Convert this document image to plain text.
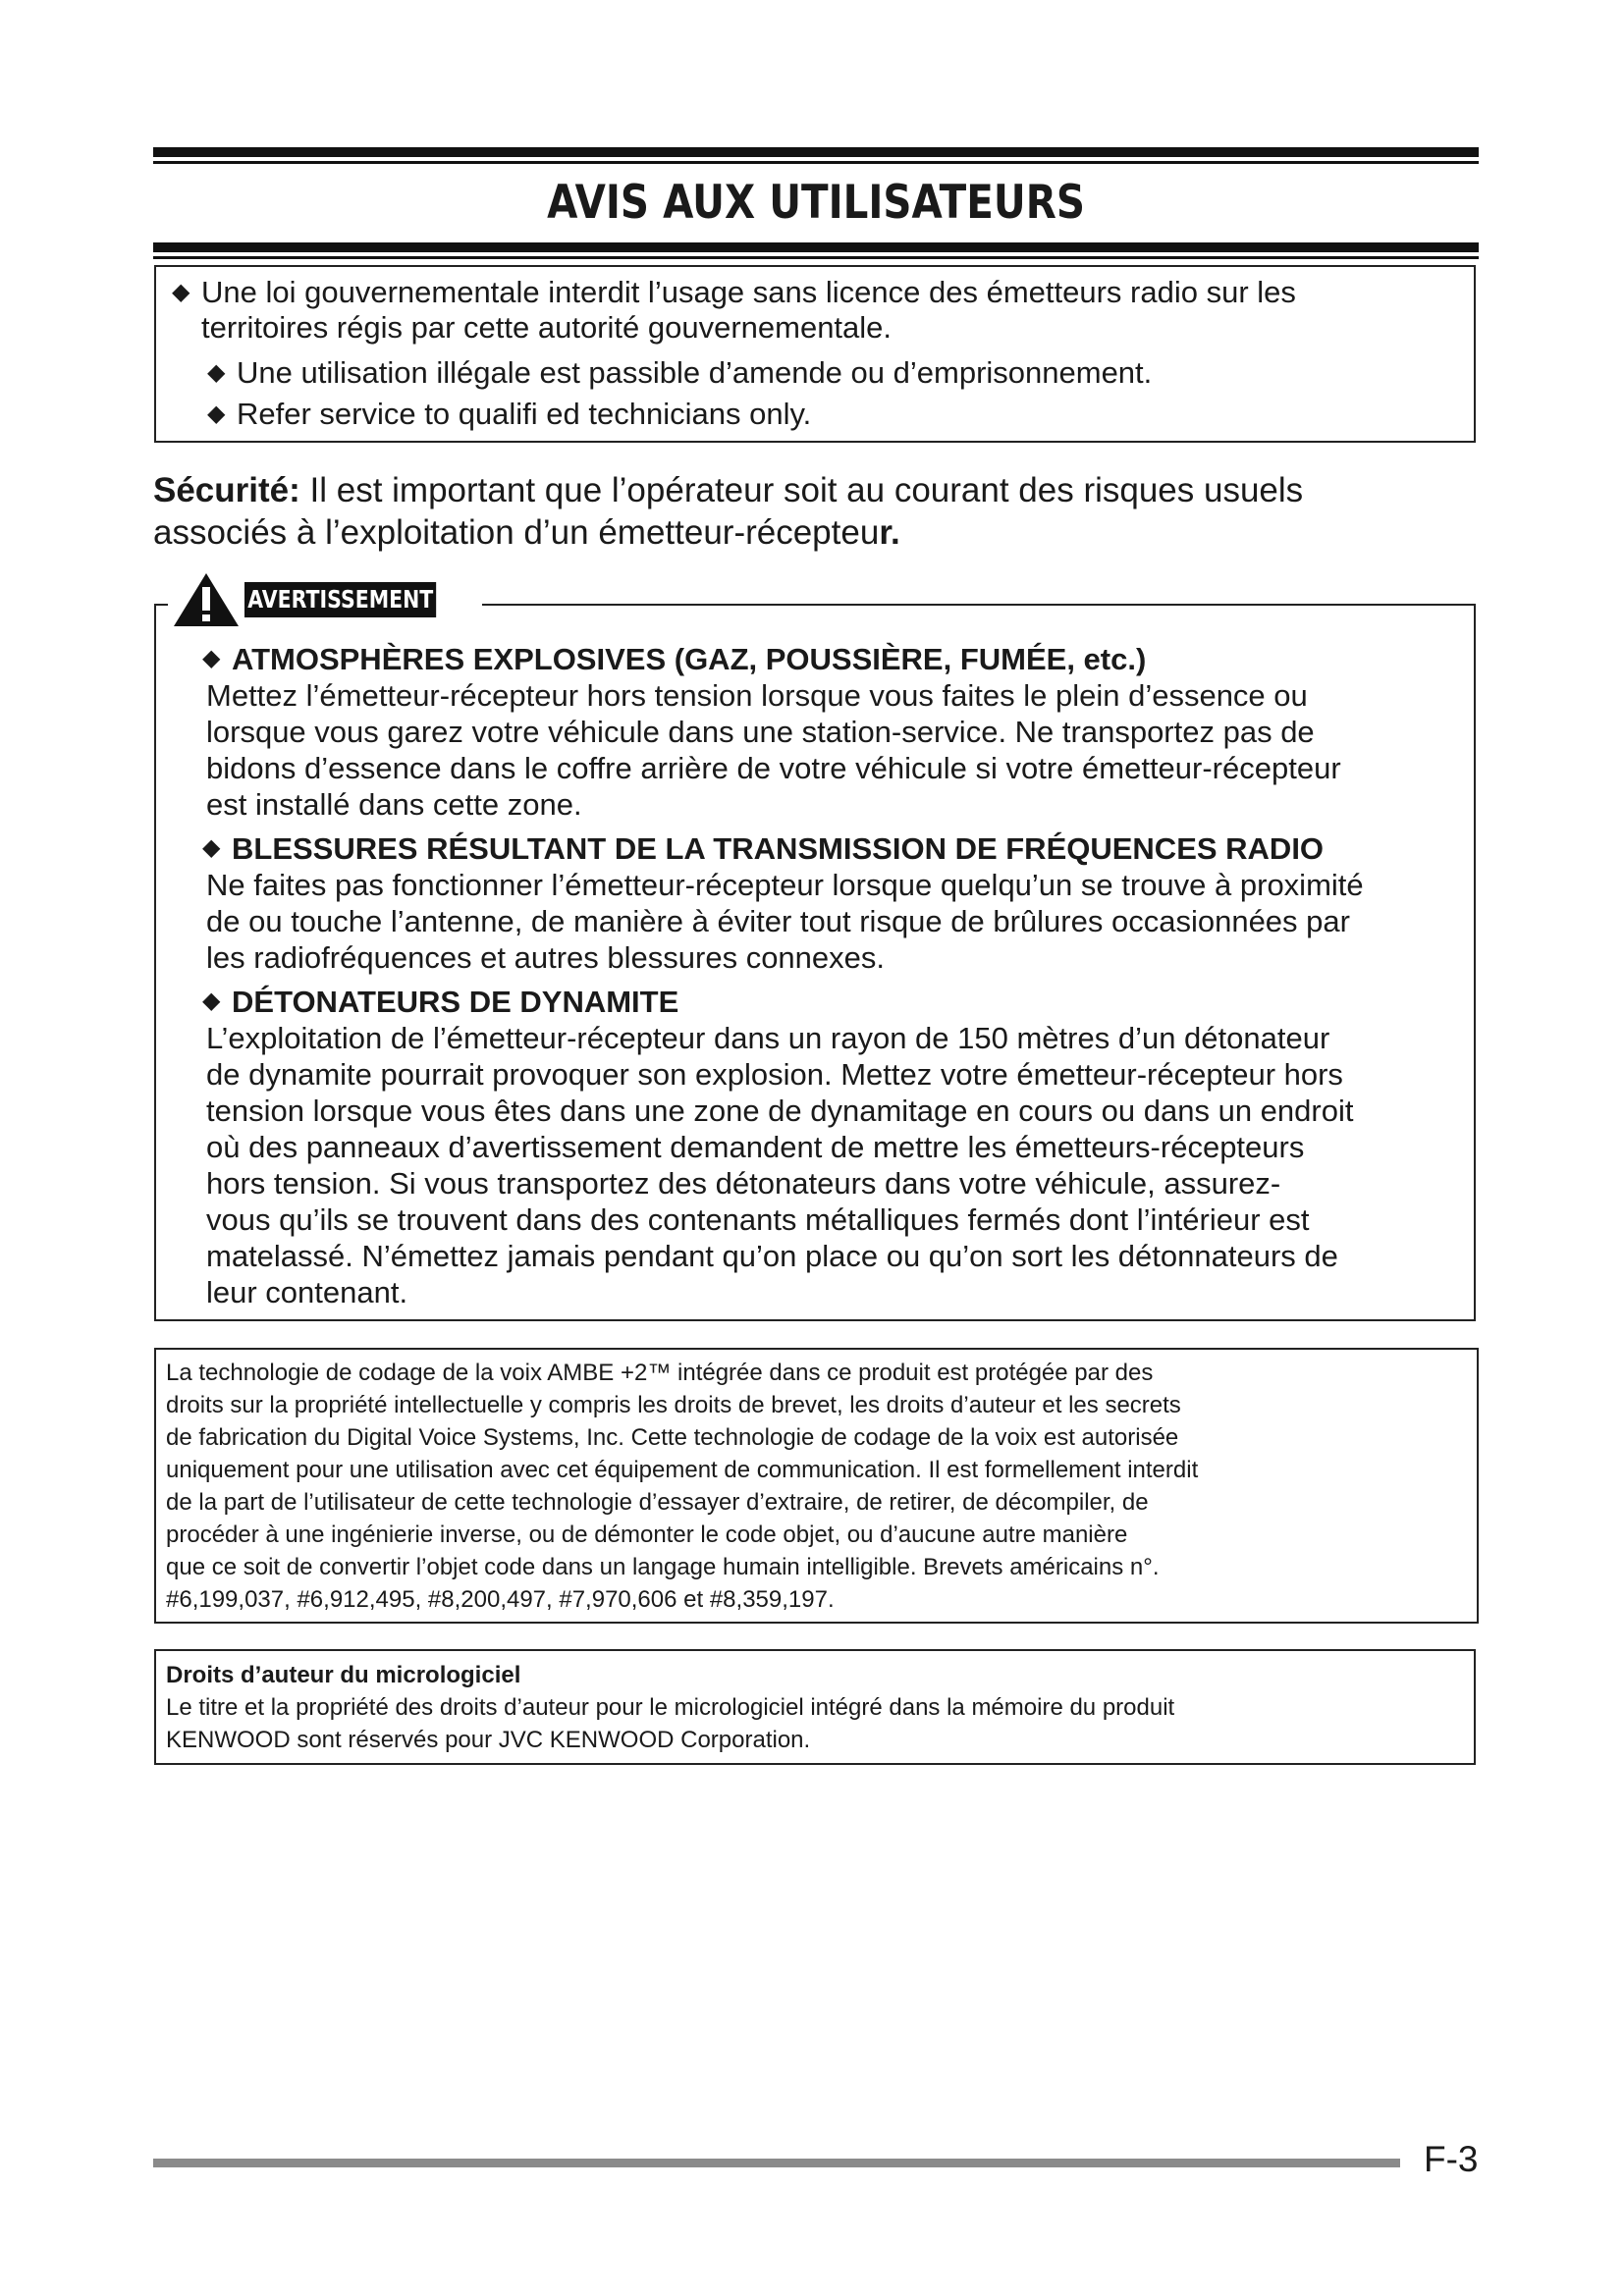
AVIS AUX UTILISATEURS
◆ Une loi gouvernementale interdit l’usage sans licence des émetteurs radio sur les
territoires régis par cette autorité gouvernementale.
◆ Une utilisation illégale est passible d’amende ou d’emprisonnement.
◆ Refer service to qualifi ed technicians only.
Sécurité: Il est important que l’opérateur soit au courant des risques usuels
associés à l’exploitation d’un émetteur-récepteur.
AVERTISSEMENT
◆ ATMOSPHÈRES EXPLOSIVES (GAZ, POUSSIÈRE, FUMÉE, etc.)
Mettez l’émetteur-récepteur hors tension lorsque vous faites le plein d’essence ou
lorsque vous garez votre véhicule dans une station-service. Ne transportez pas de
bidons d’essence dans le coffre arrière de votre véhicule si votre émetteur-récepteur
est installé dans cette zone.
◆ BLESSURES RÉSULTANT DE LA TRANSMISSION DE FRÉQUENCES RADIO
Ne faites pas fonctionner l’émetteur-récepteur lorsque quelqu’un se trouve à proximité
de ou touche l’antenne, de manière à éviter tout risque de brûlures occasionnées par
les radiofréquences et autres blessures connexes.
◆ DÉTONATEURS DE DYNAMITE
L’exploitation de l’émetteur-récepteur dans un rayon de 150 mètres d’un détonateur
de dynamite pourrait provoquer son explosion. Mettez votre émetteur-récepteur hors
tension lorsque vous êtes dans une zone de dynamitage en cours ou dans un endroit
où des panneaux d’avertissement demandent de mettre les émetteurs-récepteurs
hors tension. Si vous transportez des détonateurs dans votre véhicule, assurez-
vous qu’ils se trouvent dans des contenants métalliques fermés dont l’intérieur est
matelassé. N’émettez jamais pendant qu’on place ou qu’on sort les détonnateurs de
leur contenant.
La technologie de codage de la voix AMBE +2™ intégrée dans ce produit est protégée par des
droits sur la propriété intellectuelle y compris les droits de brevet, les droits d’auteur et les secrets
de fabrication du Digital Voice Systems, Inc. Cette technologie de codage de la voix est autorisée
uniquement pour une utilisation avec cet équipement de communication. Il est formellement interdit
de la part de l’utilisateur de cette technologie d’essayer d’extraire, de retirer, de décompiler, de
procéder à une ingénierie inverse, ou de démonter le code objet, ou d’aucune autre manière
que ce soit de convertir l’objet code dans un langage humain intelligible. Brevets américains n°.
#6,199,037, #6,912,495, #8,200,497, #7,970,606 et #8,359,197.
Droits d’auteur du micrologiciel
Le titre et la propriété des droits d’auteur pour le micrologiciel intégré dans la mémoire du produit
KENWOOD sont réservés pour JVC KENWOOD Corporation.
F-3
